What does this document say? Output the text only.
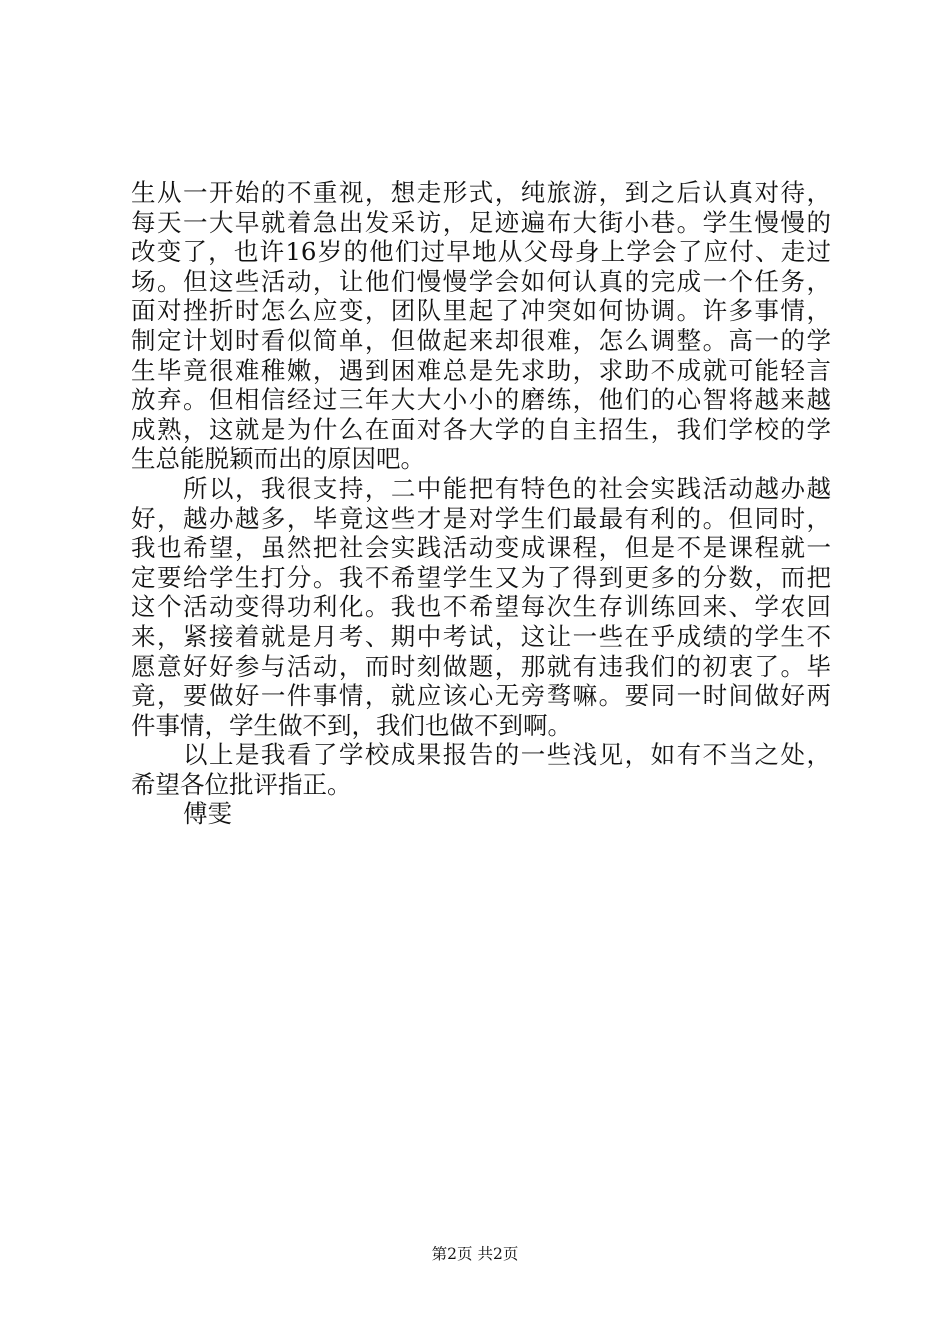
生从一开始的不重视，想走形式，纯旅游，到之后认真对待，
每天一大早就着急出发采访，足迹遍布大街小巷。学生慢慢的
改变了，也许16岁的他们过早地从父母身上学会了应付、走过
场。但这些活动，让他们慢慢学会如何认真的完成一个任务，
面对挫折时怎么应变，团队里起了冲突如何协调。许多事情，
制定计划时看似简单，但做起来却很难，怎么调整。高一的学
生毕竟很难稚嫩，遇到困难总是先求助，求助不成就可能轻言
放弃。但相信经过三年大大小小的磨练，他们的心智将越来越
成熟，这就是为什么在面对各大学的自主招生，我们学校的学
生总能脱颖而出的原因吧。
所以，我很支持，二中能把有特色的社会实践活动越办越
好，越办越多，毕竟这些才是对学生们最最有利的。但同时，
我也希望，虽然把社会实践活动变成课程，但是不是课程就一
定要给学生打分。我不希望学生又为了得到更多的分数，而把
这个活动变得功利化。我也不希望每次生存训练回来、学农回
来，紧接着就是月考、期中考试，这让一些在乎成绩的学生不
愿意好好参与活动，而时刻做题，那就有违我们的初衷了。毕
竟，要做好一件事情，就应该心无旁骛嘛。要同一时间做好两
件事情，学生做不到，我们也做不到啊。
以上是我看了学校成果报告的一些浅见，如有不当之处，
希望各位批评指正。
傅雯
第2页 共2页
